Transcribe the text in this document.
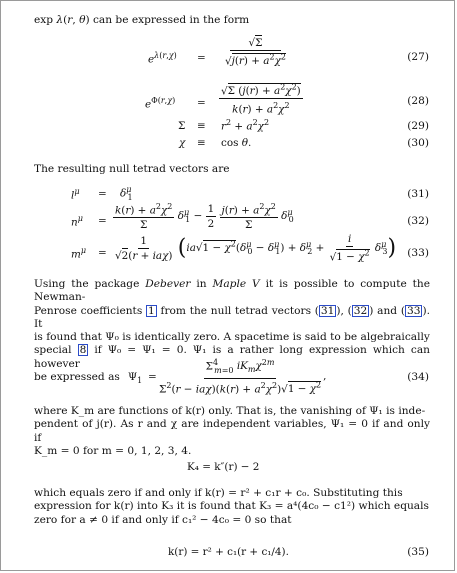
exp λ(r, θ) can be expressed in the form
$e^{\lambda(r,\chi)} = \frac{√\Sigma}{√j(r) + a^2\chi^2}$	(27)
$e^{\Phi(r,\chi)} = \frac{√\Sigma (j(r) + a^2\chi^2)}{k(r) + a^2\chi^2}$	(28)
$\Sigma \equiv r^2 + a^2\chi^2$	(29)
χ ≡ cos θ.	(30)
The resulting null tetrad vectors are
$l^\mu = \delta^\mu_1$	(31)
$n^\mu = \frac{k(r) + a^2\chi^2}{\Sigma} \delta^\mu_1 - \frac{1}{2}$
$\frac{j(r) + a^2\chi^2}{\Sigma} \delta^\mu_0$	(32)
$m^\mu = \frac{1}{\text{√2(r + iaχ)}} (ia√1 - \chi^2(\delta^\mu_0 - \delta^\mu_1) + \delta^\mu_2 + \frac{i}{√1 - \chi^2} \delta^\mu_3)$ (33)
Using the package Debever in Maple V it is possible to compute the Newman-
Penrose coefficients 1 from the null tetrad vectors ( 31 ), ( 32 ) and ( 33 ). It
is found that Ψ₀ is identically zero. A spacetime is said to be algebraically
special 8 if Ψ₀ = Ψ₁ = 0. Ψ₁ is a rather long expression which can however
be expressed as $\Psi_1 = \frac{\Sigma^4_{m=0} iK_m\chi^{2m}}{\Sigma^2(r - ia\chi)(k(r) + a^2\chi^2)√1 - \chi^2}$ ,	(34)
where K_m are functions of k(r) only. That is, the vanishing of Ψ₁ is inde-
pendent of j(r). As r and χ are independent variables, Ψ₁ = 0 if and only if
K_m = 0 for m = 0, 1, 2, 3, 4.
K₄ = k″(r) − 2
which equals zero if and only if k(r) = r² + c₁r + c₀. Substituting this
expression for k(r) into K₃ it is found that K₃ = a⁴(4c₀ − c1²) which equals
zero for a ≠ 0 if and only if c₁² − 4c₀ = 0 so that
k(r) = r² + c₁(r + c₁/4).	(35)
